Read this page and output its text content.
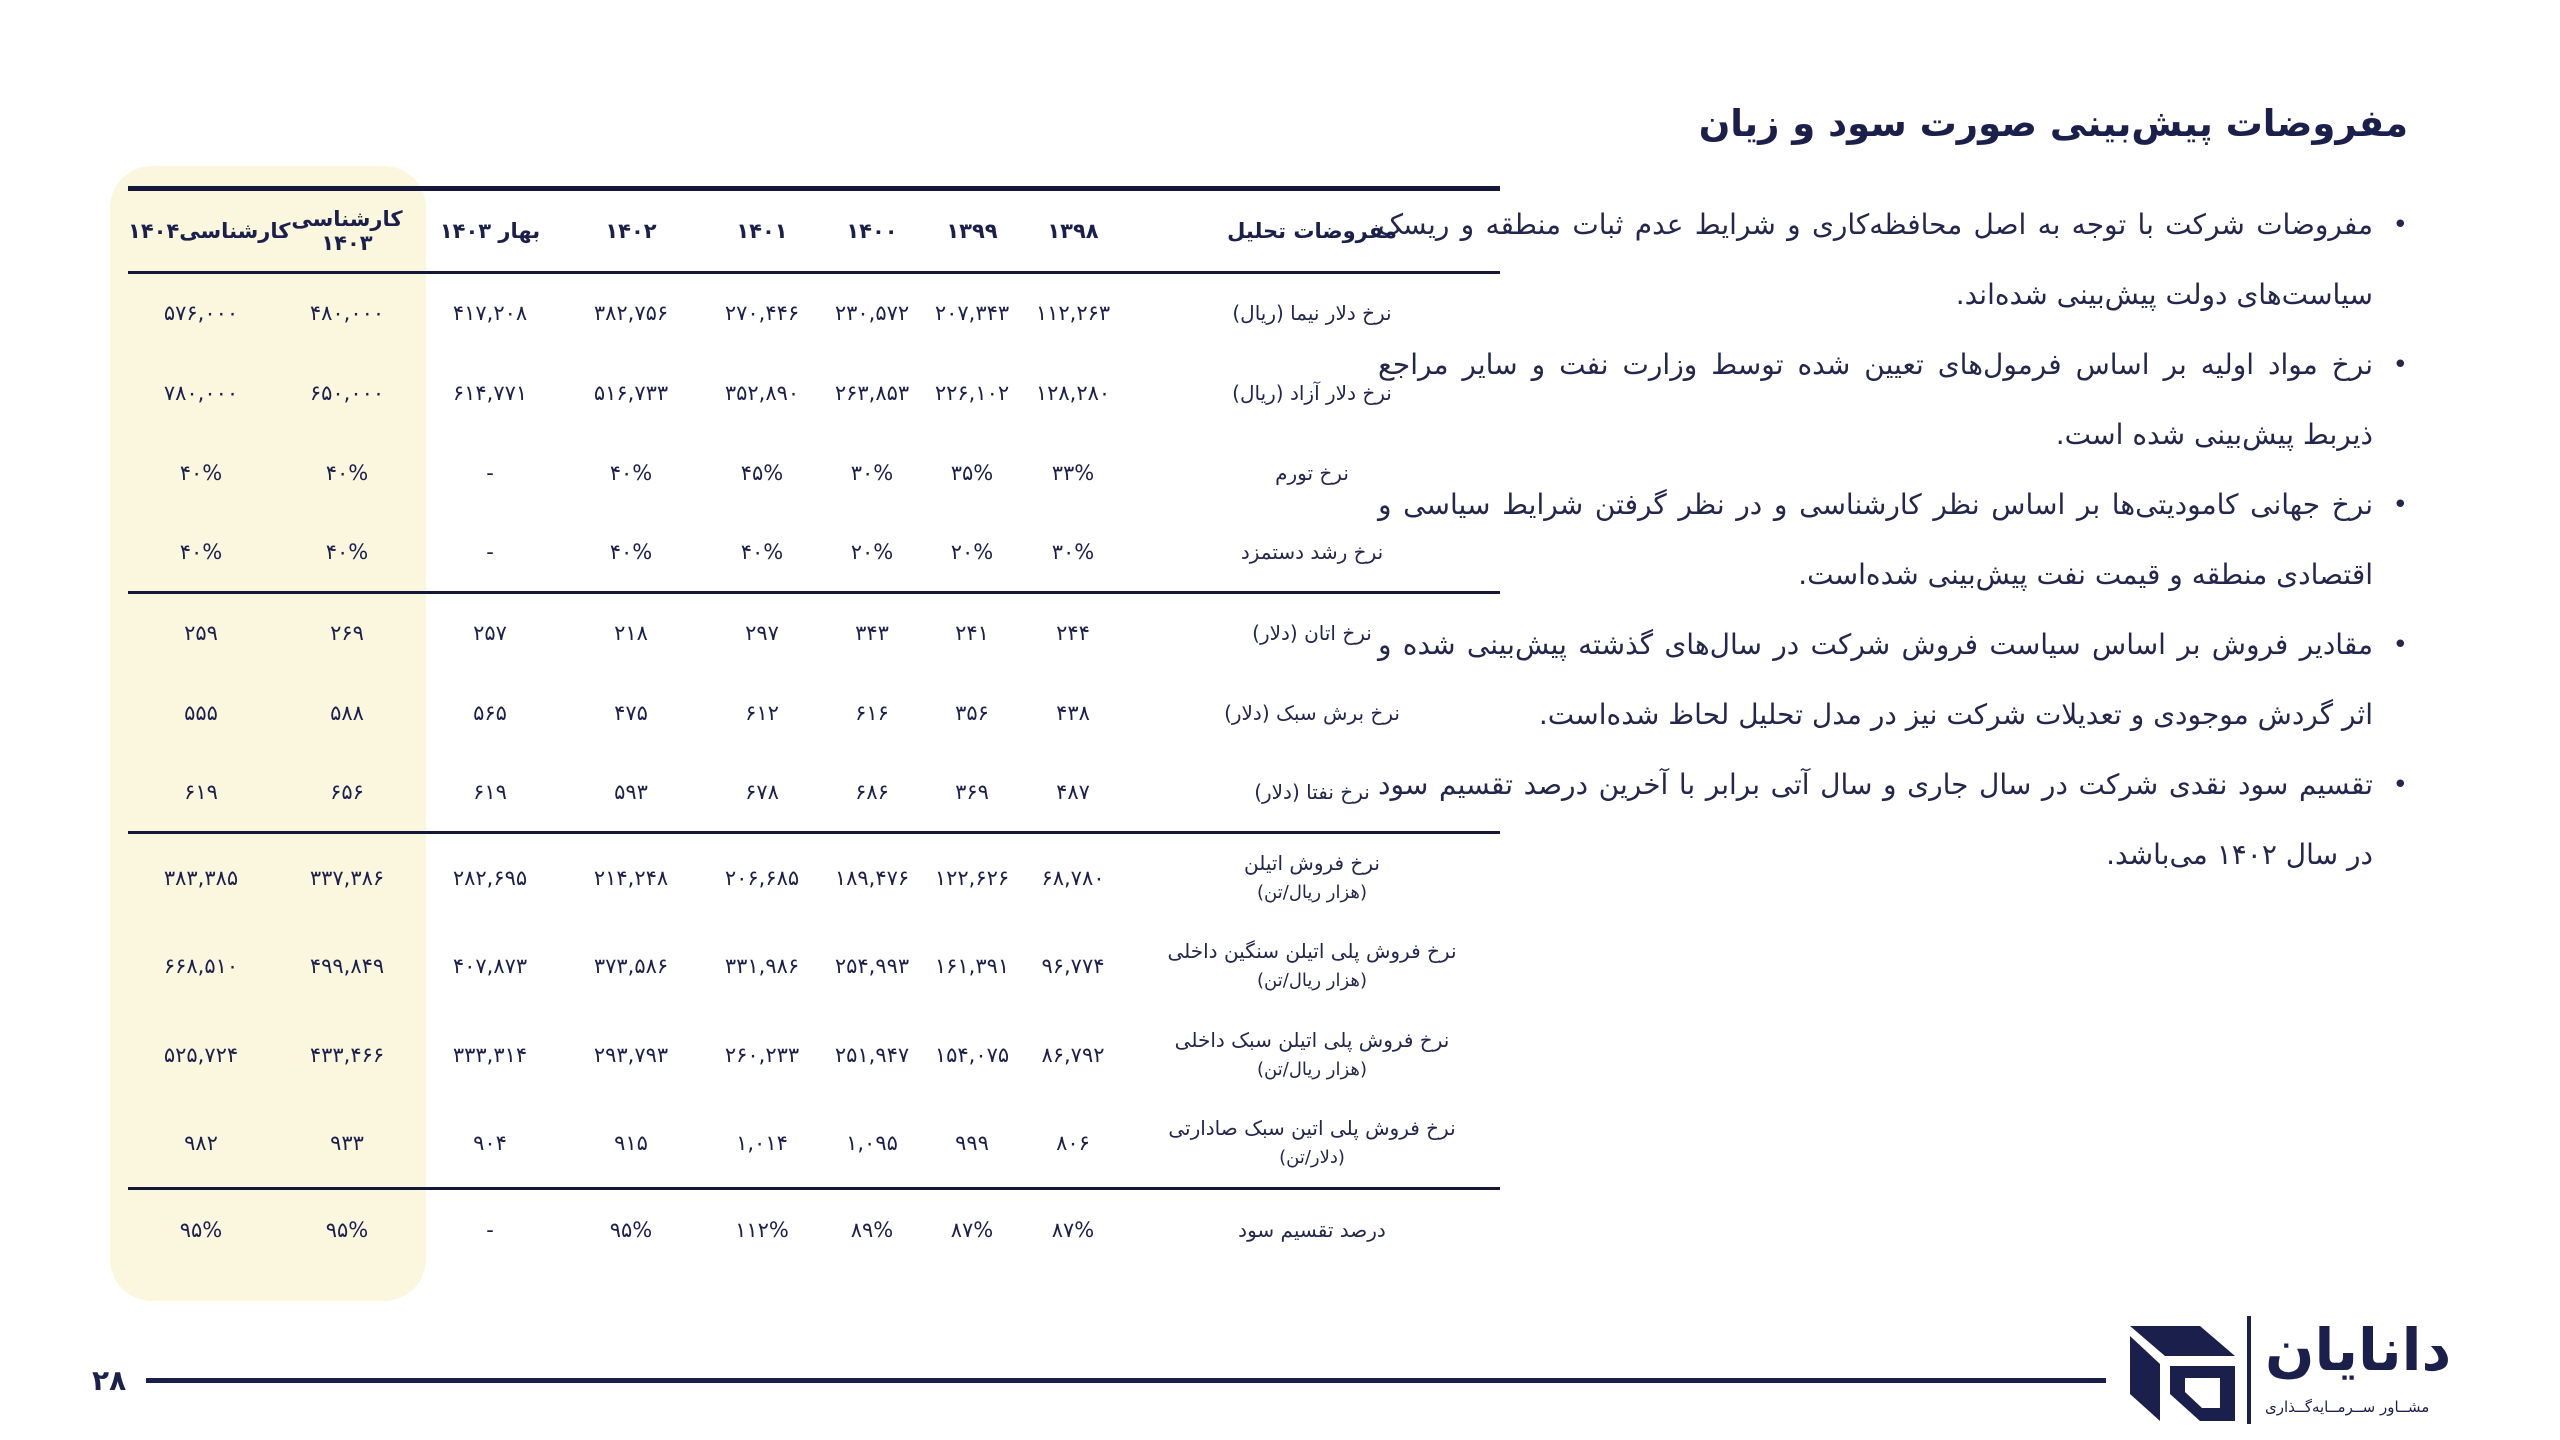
مفروضات پیش‌بینی صورت سود و زیان
• مفروضات شرکت با توجه به اصل محافظه‌کاری و شرایط عدم ثبات منطقه و ریسک سیاست‌های دولت پیش‌بینی شده‌اند.
• نرخ مواد اولیه بر اساس فرمول‌های تعیین شده توسط وزارت نفت و سایر مراجع ذیربط پیش‌بینی شده است.
• نرخ جهانی کامودیتی‌ها بر اساس نظر کارشناسی و در نظر گرفتن شرایط سیاسی و اقتصادی منطقه و قیمت نفت پیش‌بینی شده‌است.
• مقادیر فروش بر اساس سیاست فروش شرکت در سال‌های گذشته پیش‌بینی شده و اثر گردش موجودی و تعدیلات شرکت نیز در مدل تحلیل لحاظ شده‌است.
• تقسیم سود نقدی شرکت در سال جاری و سال آتی برابر با آخرین درصد تقسیم سود در سال ۱۴۰۲ می‌باشد.
کارشناسی۱۴۰۴	کارشناسی ۱۴۰۳	بهار ۱۴۰۳	۱۴۰۲	۱۴۰۱	۱۴۰۰	۱۳۹۹	۱۳۹۸	مفروضات تحلیل
۵۷۶,۰۰۰	۴۸۰,۰۰۰	۴۱۷,۲۰۸	۳۸۲,۷۵۶	۲۷۰,۴۴۶	۲۳۰,۵۷۲	۲۰۷,۳۴۳	۱۱۲,۲۶۳	نرخ دلار نیما (ریال)
۷۸۰,۰۰۰	۶۵۰,۰۰۰	۶۱۴,۷۷۱	۵۱۶,۷۳۳	۳۵۲,۸۹۰	۲۶۳,۸۵۳	۲۲۶,۱۰۲	۱۲۸,۲۸۰	نرخ دلار آزاد (ریال)
۴۰%	۴۰%	-	۴۰%	۴۵%	۳۰%	۳۵%	۳۳%	نرخ تورم
۴۰%	۴۰%	-	۴۰%	۴۰%	۲۰%	۲۰%	۳۰%	نرخ رشد دستمزد
۲۵۹	۲۶۹	۲۵۷	۲۱۸	۲۹۷	۳۴۳	۲۴۱	۲۴۴	نرخ اتان (دلار)
۵۵۵	۵۸۸	۵۶۵	۴۷۵	۶۱۲	۶۱۶	۳۵۶	۴۳۸	نرخ برش سبک (دلار)
۶۱۹	۶۵۶	۶۱۹	۵۹۳	۶۷۸	۶۸۶	۳۶۹	۴۸۷	نرخ نفتا (دلار)
۳۸۳,۳۸۵	۳۳۷,۳۸۶	۲۸۲,۶۹۵	۲۱۴,۲۴۸	۲۰۶,۶۸۵	۱۸۹,۴۷۶	۱۲۲,۶۲۶	۶۸,۷۸۰	نرخ فروش اتیلن
(هزار ریال/تن)

۶۶۸,۵۱۰	۴۹۹,۸۴۹	۴۰۷,۸۷۳	۳۷۳,۵۸۶	۳۳۱,۹۸۶	۲۵۴,۹۹۳	۱۶۱,۳۹۱	۹۶,۷۷۴	نرخ فروش پلی اتیلن سنگین داخلی
(هزار ریال/تن)

۵۲۵,۷۲۴	۴۳۳,۴۶۶	۳۳۳,۳۱۴	۲۹۳,۷۹۳	۲۶۰,۲۳۳	۲۵۱,۹۴۷	۱۵۴,۰۷۵	۸۶,۷۹۲	نرخ فروش پلی اتیلن سبک داخلی
(هزار ریال/تن)

۹۸۲	۹۳۳	۹۰۴	۹۱۵	۱,۰۱۴	۱,۰۹۵	۹۹۹	۸۰۶	نرخ فروش پلی اتین سبک صادارتی
(دلار/تن)

۹۵%	۹۵%	-	۹۵%	۱۱۲%	۸۹%	۸۷%	۸۷%	درصد تقسیم سود
۲۸	دانایان
مشــاور ســرمــایه‌گــذاری
